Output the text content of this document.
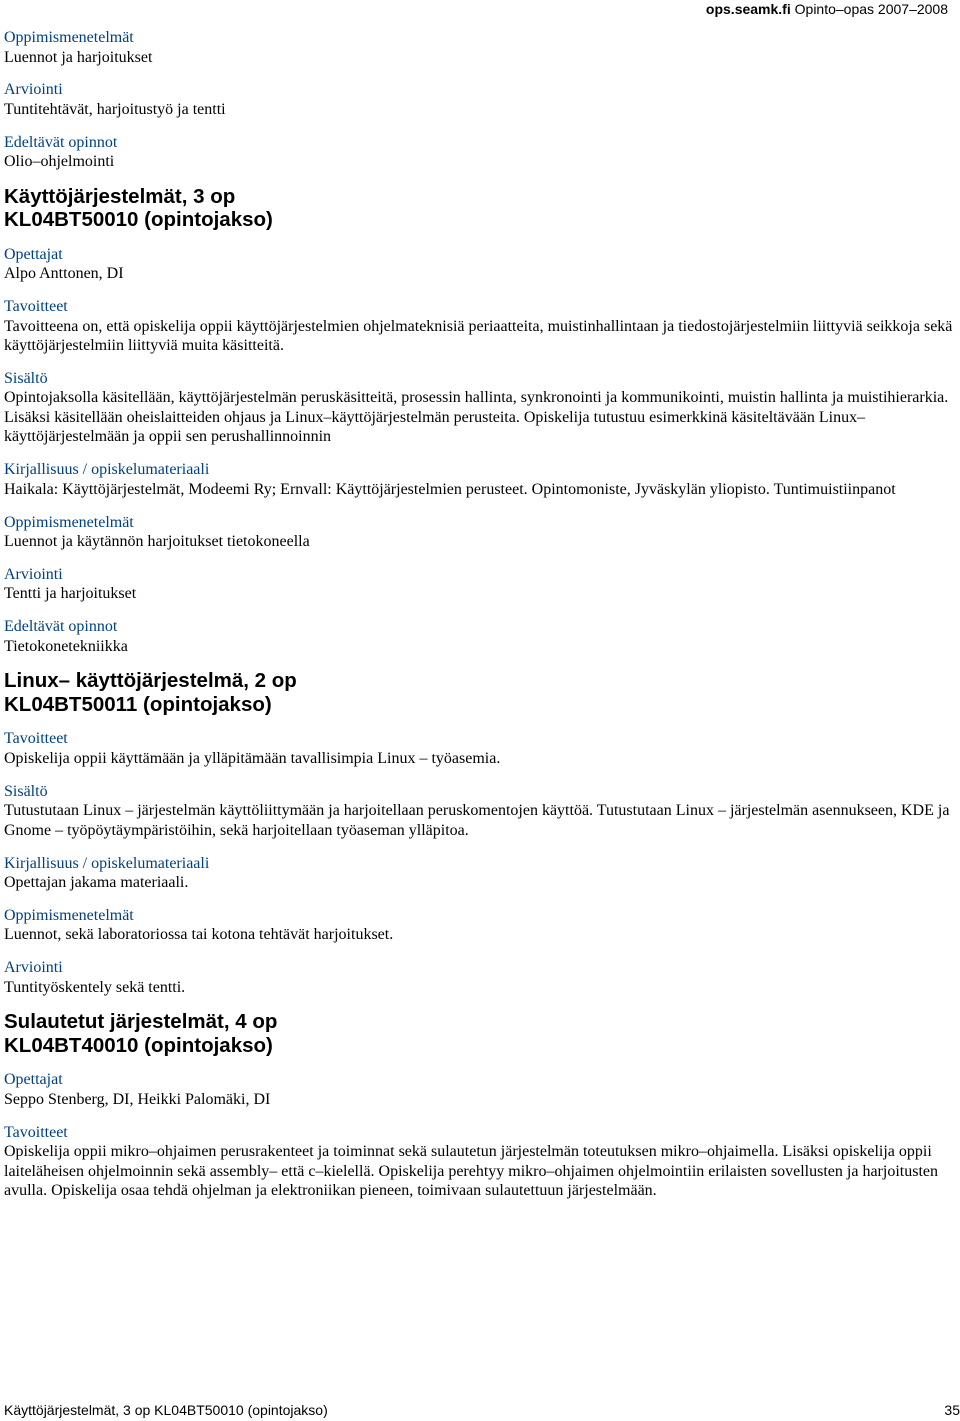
ops.seamk.fi Opinto–opas 2007–2008
Oppimismenetelmät
Luennot ja harjoitukset
Arviointi
Tuntitehtävät, harjoitustyö ja tentti
Edeltävät opinnot
Olio–ohjelmointi
Käyttöjärjestelmät, 3 op
KL04BT50010 (opintojakso)
Opettajat
Alpo Anttonen, DI
Tavoitteet
Tavoitteena on, että opiskelija oppii käyttöjärjestelmien ohjelmateknisiä periaatteita, muistinhallintaan ja tiedostojärjestelmiin liittyviä seikkoja sekä käyttöjärjestelmiin liittyviä muita käsitteitä.
Sisältö
Opintojaksolla käsitellään, käyttöjärjestelmän peruskäsitteitä, prosessin hallinta, synkronointi ja kommunikointi, muistin hallinta ja muistihierarkia. Lisäksi käsitellään oheislaitteiden ohjaus ja Linux–käyttöjärjestelmän perusteita. Opiskelija tutustuu esimerkkinä käsiteltävään Linux–käyttöjärjestelmään ja oppii sen perushallinnoinnin
Kirjallisuus / opiskelumateriaali
Haikala: Käyttöjärjestelmät, Modeemi Ry; Ernvall: Käyttöjärjestelmien perusteet. Opintomoniste, Jyväskylän yliopisto. Tuntimuistiinpanot
Oppimismenetelmät
Luennot ja käytännön harjoitukset tietokoneella
Arviointi
Tentti ja harjoitukset
Edeltävät opinnot
Tietokonetekniikka
Linux– käyttöjärjestelmä, 2 op
KL04BT50011 (opintojakso)
Tavoitteet
Opiskelija oppii käyttämään ja ylläpitämään tavallisimpia Linux – työasemia.
Sisältö
Tutustutaan Linux – järjestelmän käyttöliittymään ja harjoitellaan peruskomentojen käyttöä. Tutustutaan Linux – järjestelmän asennukseen, KDE ja Gnome – työpöytäympäristöihin, sekä harjoitellaan työaseman ylläpitoa.
Kirjallisuus / opiskelumateriaali
Opettajan jakama materiaali.
Oppimismenetelmät
Luennot, sekä laboratoriossa tai kotona tehtävät harjoitukset.
Arviointi
Tuntityöskentely sekä tentti.
Sulautetut järjestelmät, 4 op
KL04BT40010 (opintojakso)
Opettajat
Seppo Stenberg, DI, Heikki Palomäki, DI
Tavoitteet
Opiskelija oppii mikro–ohjaimen perusrakenteet ja toiminnat sekä sulautetun järjestelmän toteutuksen mikro–ohjaimella. Lisäksi opiskelija oppii laiteläheisen ohjelmoinnin sekä assembly– että c–kielellä. Opiskelija perehtyy mikro–ohjaimen ohjelmointiin erilaisten sovellusten ja harjoitusten avulla. Opiskelija osaa tehdä ohjelman ja elektroniikan pieneen, toimivaan sulautettuun järjestelmään.
Käyttöjärjestelmät, 3 op KL04BT50010 (opintojakso)	35
